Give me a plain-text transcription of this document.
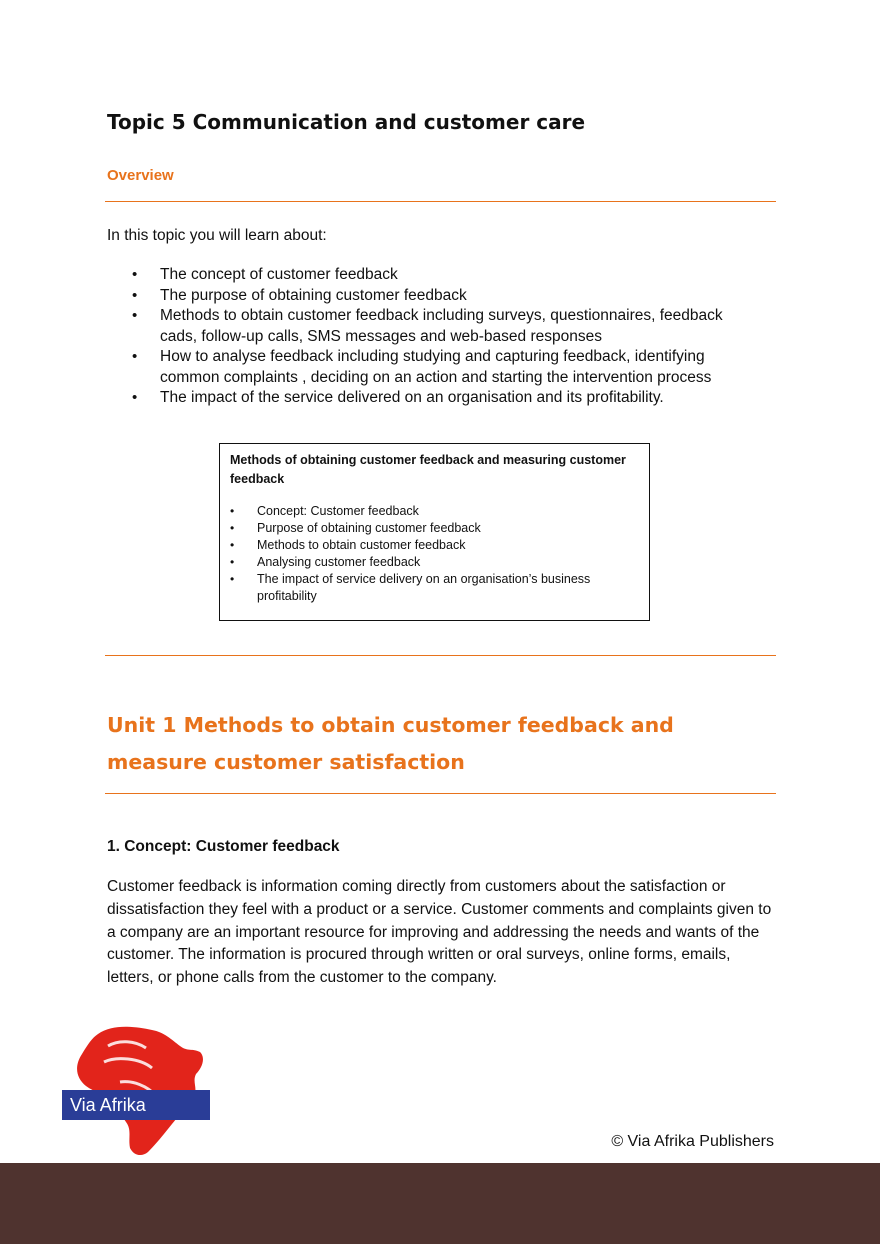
Topic 5 Communication and customer care
Overview
In this topic you will learn about:
• The concept of customer feedback
• The purpose of obtaining customer feedback
• Methods to obtain customer feedback including surveys, questionnaires, feedback cads, follow-up calls, SMS messages and web-based responses
• How to analyse feedback including studying and capturing feedback, identifying common complaints , deciding on an action and starting the intervention process
• The impact of the service delivered on an organisation and its profitability.

Methods of obtaining customer feedback and measuring customer feedback

• Concept: Customer feedback
• Purpose of obtaining customer feedback
• Methods to obtain customer feedback
• Analysing customer feedback
• The impact of service delivery on an organisation’s business profitability
Unit 1 Methods to obtain customer feedback and measure customer satisfaction
1. Concept: Customer feedback

Customer feedback is information coming directly from customers about the satisfaction or dissatisfaction they feel with a product or a service. Customer comments and complaints given to a company are an important resource for improving and addressing the needs and wants of the customer. The information is procured through written or oral surveys, online forms, emails, letters, or phone calls from the customer to the company.

Via Afrika
© Via Afrika Publishers
